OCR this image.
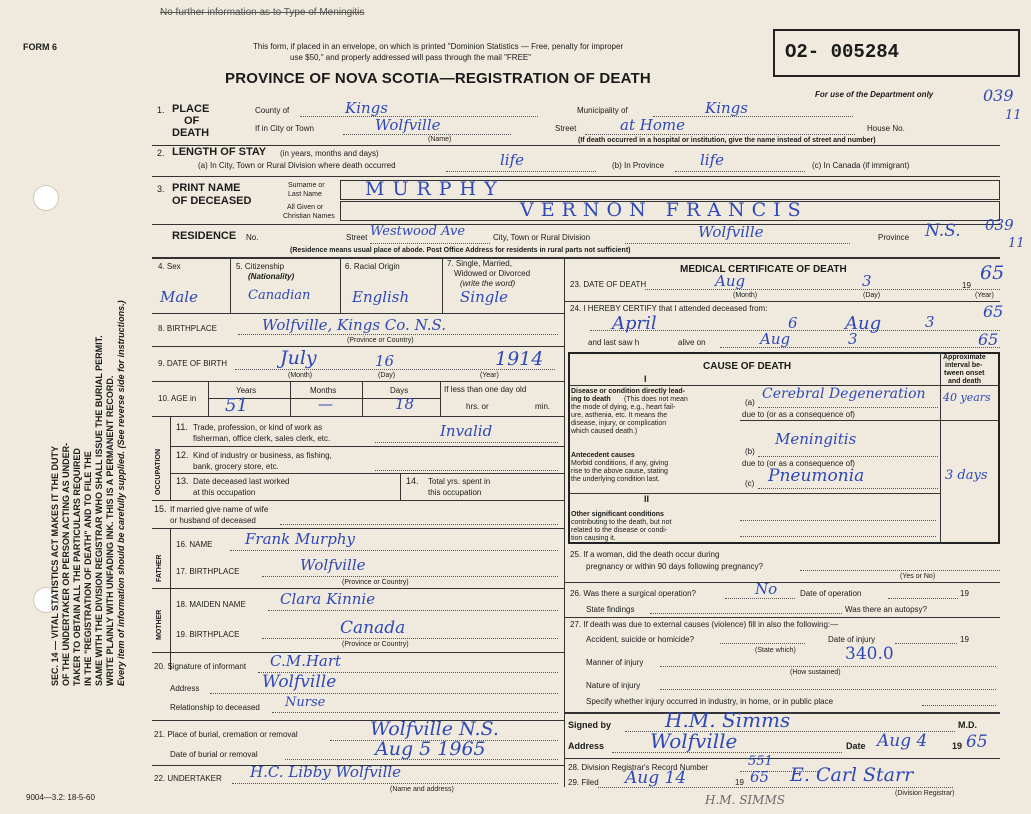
SEC. 14 — VITAL STATISTICS ACT MAKES IT THE DUTY OF THE UNDERTAKER OR PERSON ACTING AS UNDER- TAKER TO OBTAIN ALL THE PARTICULARS REQUIRED IN THE "REGISTRATION OF DEATH" AND TO FILE THE SAME WITH THE DIVISION REGISTRAR WHO SHALL ISSUE THE BURIAL PERMIT. WRITE PLAINLY WITH UNFADING INK. THIS IS A PERMANENT RECORD. Every item of information should be carefully supplied. (See reverse side for instructions.)
No further information as to Type of Meningitis
FORM 6	This form, if placed in an envelope, on which is printed "Dominion Statistics — Free, penalty for improper
use $50," and properly addressed will pass through the mail "FREE"
PROVINCE OF NOVA SCOTIA—REGISTRATION OF DEATH
O2- 005284
For use of the Department only	039
11
1. PLACE
OF
DEATH
County of	Kings	Municipality of	Kings
If in City or Town	Wolfville
(Name)
Street	at Home	House No.
(If death occurred in a hospital or institution, give the name instead of street and number)
2. LENGTH OF STAY (in years, months and days)
(a) In City, Town or Rural Division where death occurred	life	(b) In Province life	(c) In Canada (if immigrant)
3. PRINT NAME
OF DECEASED
Surname or
Last Name MURPHY
All Given or
Christian Names	VERNON FRANCIS
RESIDENCE No.	Street Westwood Ave	City, Town or Rural Division	Wolfville	Province N.S. 039
11
(Residence means usual place of abode. Post Office Address for residents in rural parts not sufficient)
4. Sex
Male
5. Citizenship
(Nationality)
Canadian
6. Racial Origin
English
7. Single, Married,
Widowed or Divorced
(write the word)
Single
8. BIRTHPLACE	Wolfville, Kings Co. N.S.
(Province or Country)
9. DATE OF BIRTH	July	16	1914
(Month)	(Day)	(Year)
10. AGE in
Years	Months	Days
51	—	18
If less than one day old
hrs. or	min.
OCCUPATION
11. Trade, profession, or kind of work as
fisherman, office clerk, sales clerk, etc.	Invalid
12. Kind of industry or business, as fishing,
bank, grocery store, etc.
13. Date deceased last worked
at this occupation
14. Total yrs. spent in
this occupation
15. If married give name of wife
or husband of deceased
FATHER
16. NAME Frank Murphy
17. BIRTHPLACE	Wolfville
(Province or Country)
MOTHER
18. MAIDEN NAME Clara Kinnie
19. BIRTHPLACE	Canada
(Province or Country)
20. Signature of informant C.M.Hart
Address	Wolfville
Relationship to deceased Nurse
21. Place of burial, cremation or removal	Wolfville N.S.
Date of burial or removal	Aug 5 1965
22. UNDERTAKER H.C. Libby Wolfville
(Name and address)
9004—3.2: 18-5-60
MEDICAL CERTIFICATE OF DEATH
23. DATE OF DEATH	Aug	3	19
65
(Month)	(Day)	(Year)
24. I HEREBY CERTIFY that I attended deceased from:
April	6	Aug	3
65
and last saw h	alive on	Aug	3	65
CAUSE OF DEATH
Approximate
interval be-
tween onset
and death
I
Disease or condition directly lead-
ing to death (This does not mean
the mode of dying, e.g., heart fail-
ure, asthenia, etc. It means the
disease, injury, or complication
which caused death.)
(a)
Cerebral Degeneration 40 years
due to (or as a consequence of)
Antecedent causes
Morbid conditions, if any, giving
rise to the above cause, stating
the underlying condition last.
(b)
Meningitis
due to (or as a consequence of)
(c) Pneumonia	3 days
II
Other significant conditions
contributing to the death, but not
related to the disease or condi-
tion causing it.
25. If a woman, did the death occur during
pregnancy or within 90 days following pregnancy?
(Yes or No)
26. Was there a surgical operation?	No	Date of operation	19
State findings	Was there an autopsy?
27. If death was due to external causes (violence) fill in also the following:—
Accident, suicide or homicide?	Date of injury	19
(State which)
Manner of injury	340.0
(How sustained)
Nature of injury
Specify whether injury occurred in industry, in home, or in public place
Signed by	H.M. Simms	M.D.
Address Wolfville	Date Aug 4	19 65
28. Division Registrar's Record Number	551
29. Filed Aug 14	19 65 E. Carl Starr
(Division Registrar)
H.M. SIMMS
